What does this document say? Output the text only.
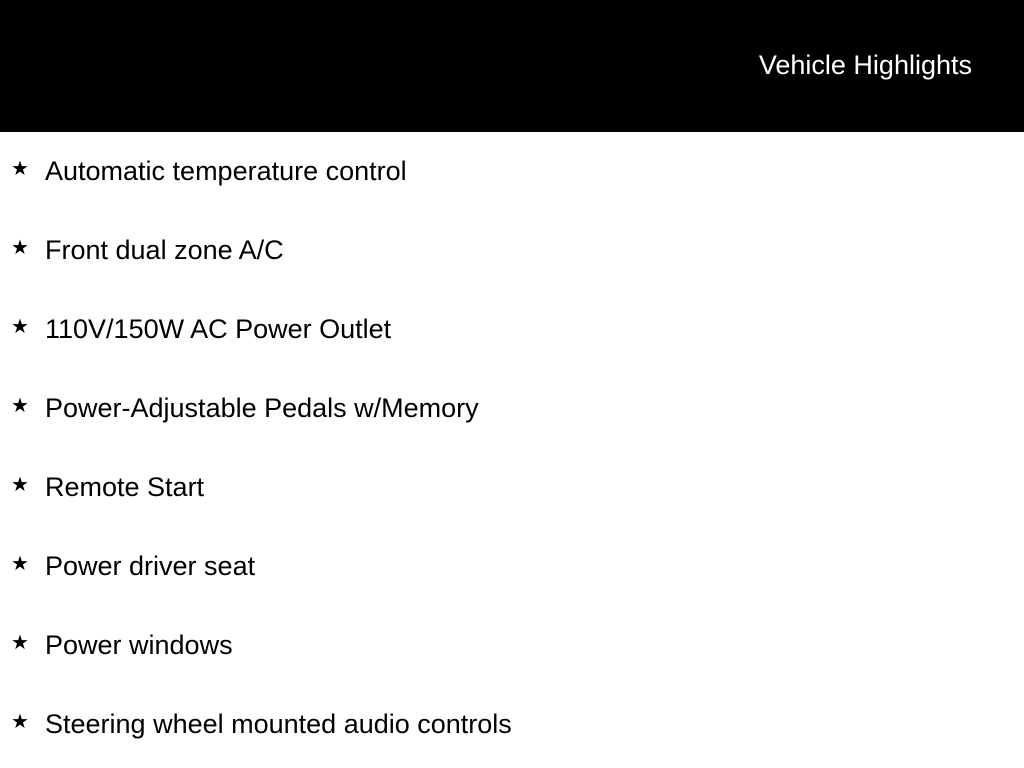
Vehicle Highlights
★ Automatic temperature control
★ Front dual zone A/C
★ 110V/150W AC Power Outlet
★ Power-Adjustable Pedals w/Memory
★ Remote Start
★ Power driver seat
★ Power windows
★ Steering wheel mounted audio controls
